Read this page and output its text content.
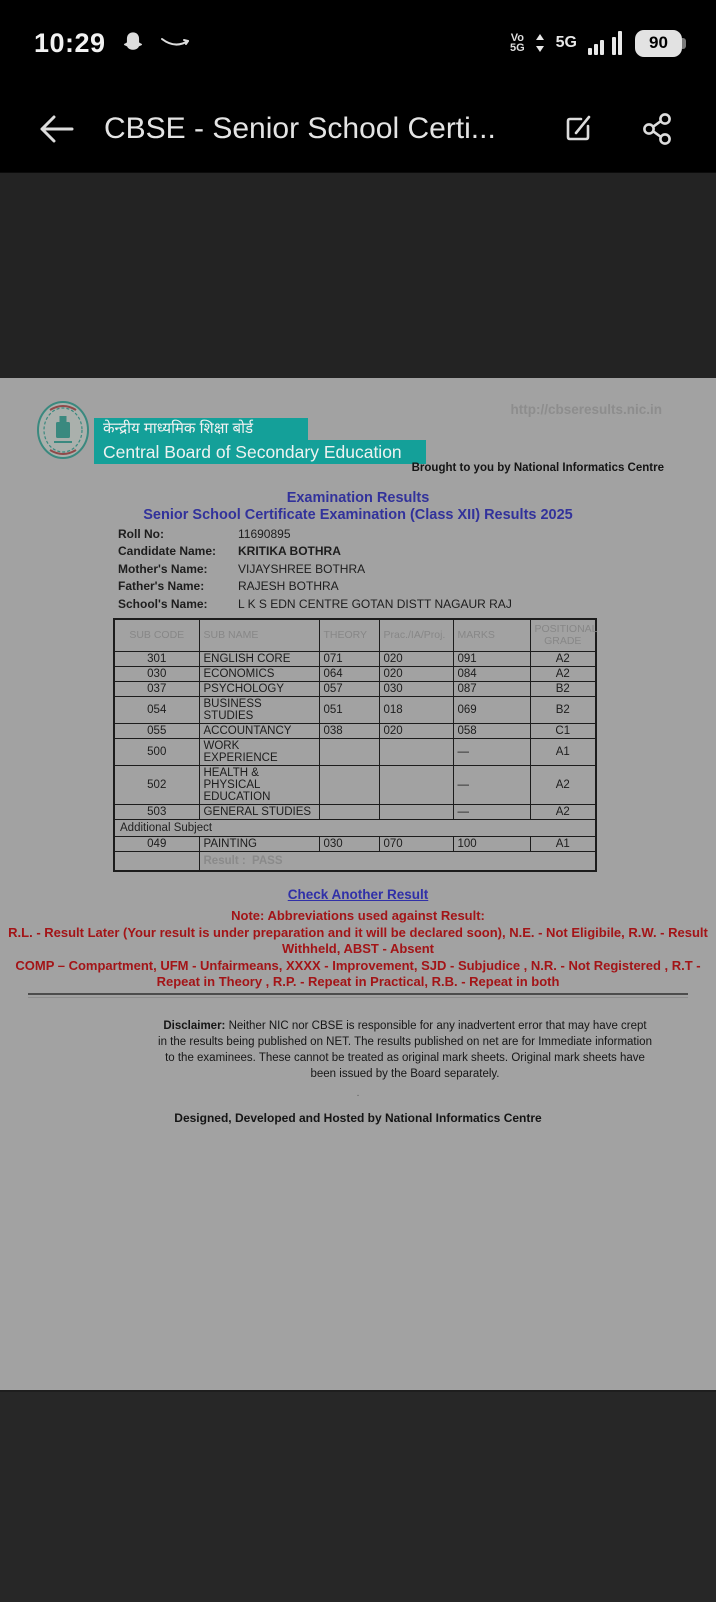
10:29	Vo
5G 5G	90
CBSE - Senior School Certi...
केन्द्रीय माध्यमिक शिक्षा बोर्ड
Central Board of Secondary Education
http://cbseresults.nic.in
Brought to you by National Informatics Centre
Examination Results
Senior School Certificate Examination (Class XII) Results 2025
Roll No:	11690895
Candidate Name:	KRITIKA BOTHRA
Mother's Name:	VIJAYSHREE BOTHRA
Father's Name:	RAJESH BOTHRA
School's Name:	L K S EDN CENTRE GOTAN DISTT NAGAUR RAJ
SUB CODE	SUB NAME	THEORY	Prac./IA/Proj.	MARKS	POSITIONAL GRADE
301	ENGLISH CORE	071	020	091	A2
030	ECONOMICS	064	020	084	A2
037	PSYCHOLOGY	057	030	087	B2
054	BUSINESS STUDIES	051	018	069	B2
055	ACCOUNTANCY	038	020	058	C1
500	WORK EXPERIENCE			—	A1
502	HEALTH & PHYSICAL EDUCATION			—	A2
503	GENERAL STUDIES			—	A2
Additional Subject					
049	PAINTING	030	070	100	A1
	Result :  PASS				
Check Another Result
Note: Abbreviations used against Result:
R.L. - Result Later (Your result is under preparation and it will be declared soon), N.E. - Not Eligibile, R.W. - Result Withheld, ABST - Absent
COMP – Compartment, UFM - Unfairmeans, XXXX - Improvement, SJD - Subjudice , N.R. - Not Registered , R.T - Repeat in Theory , R.P. - Repeat in Practical, R.B. - Repeat in both
Disclaimer: Neither NIC nor CBSE is responsible for any inadvertent error that may have crept in the results being published on NET. The results published on net are for Immediate information to the examinees. These cannot be treated as original mark sheets. Original mark sheets have been issued by the Board separately.
.
Designed, Developed and Hosted by National Informatics Centre
